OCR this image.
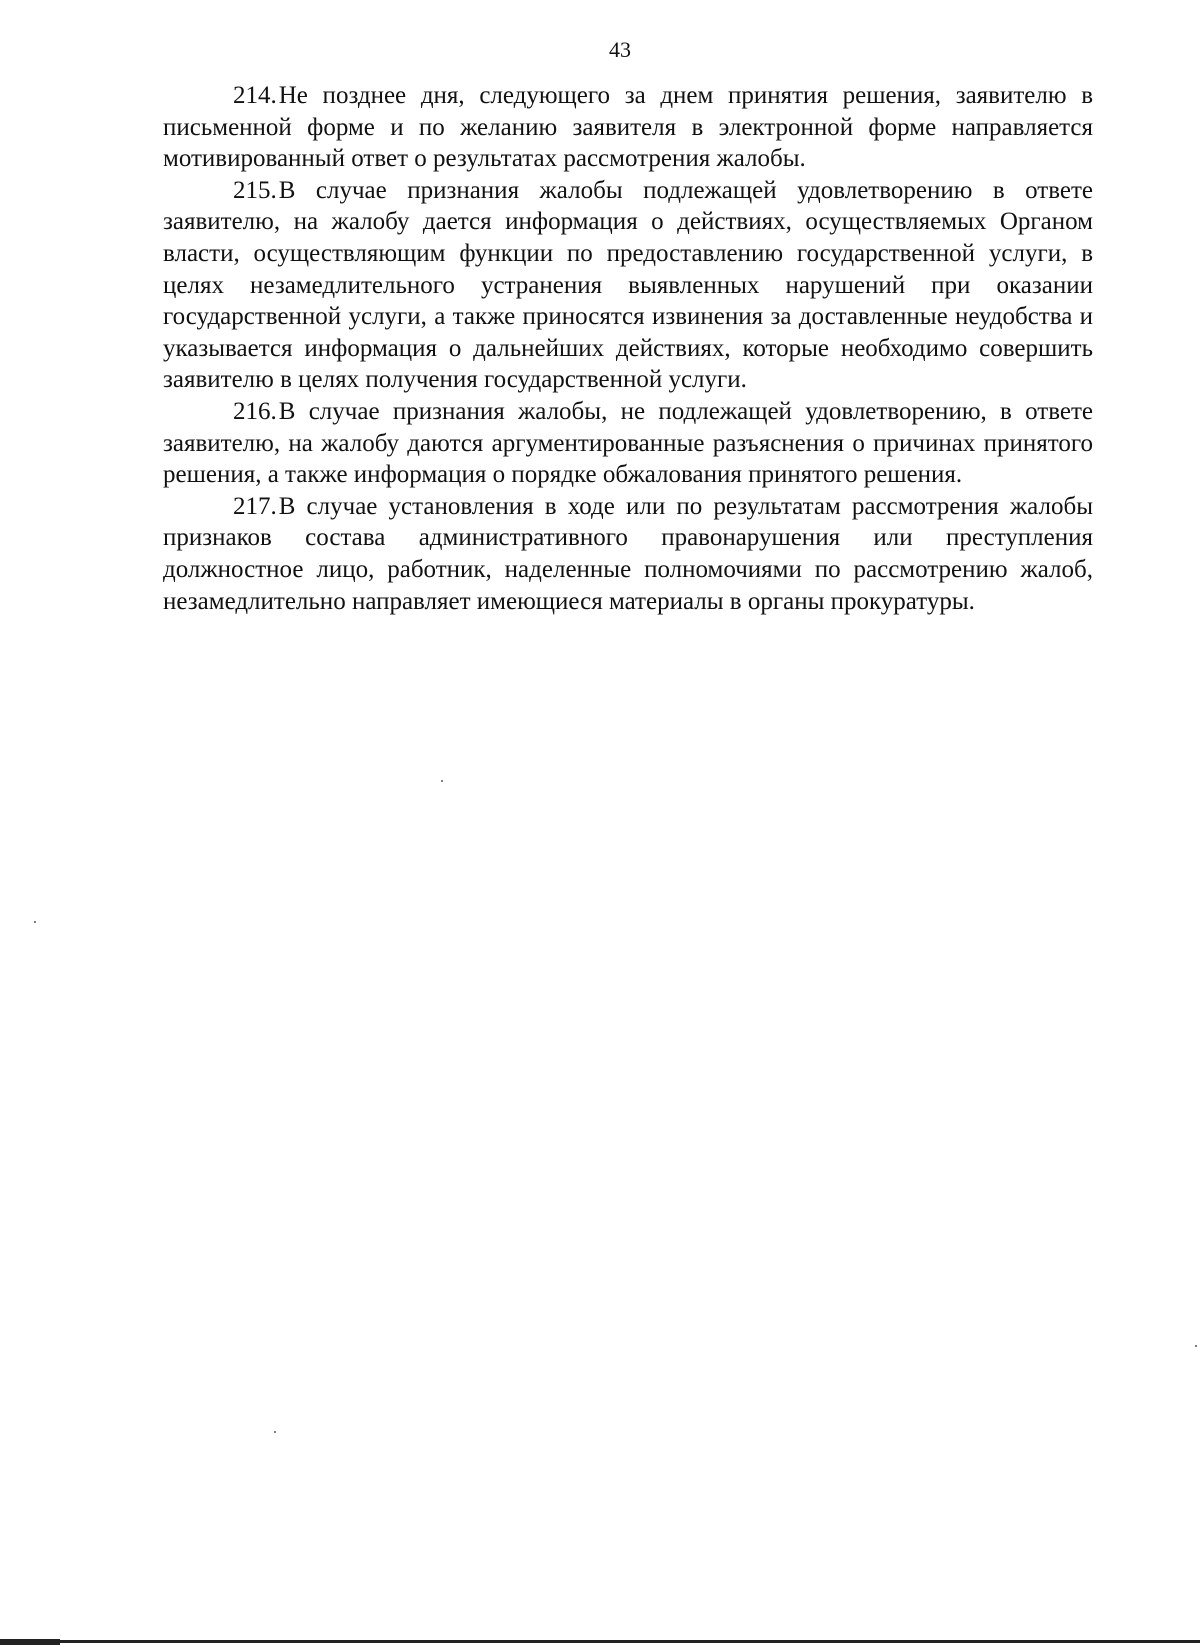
43

214.Не позднее дня, следующего за днем принятия решения, заявителю в письменной форме и по желанию заявителя в электронной форме направляется мотивированный ответ о результатах рассмотрения жалобы.

215.В случае признания жалобы подлежащей удовлетворению в ответе заявителю, на жалобу дается информация о действиях, осуществляемых Органом власти, осуществляющим функции по предоставлению государственной услуги, в целях незамедлительного устранения выявленных нарушений при оказании государственной услуги, а также приносятся извинения за доставленные неудобства и указывается информация о дальнейших действиях, которые необходимо совершить заявителю в целях получения государственной услуги.

216.В случае признания жалобы, не подлежащей удовлетворению, в ответе заявителю, на жалобу даются аргументированные разъяснения о причинах принятого решения, а также информация о порядке обжалования принятого решения.

217.В случае установления в ходе или по результатам рассмотрения жалобы признаков состава административного правонарушения или преступления должностное лицо, работник, наделенные полномочиями по рассмотрению жалоб, незамедлительно направляет имеющиеся материалы в органы прокуратуры.
